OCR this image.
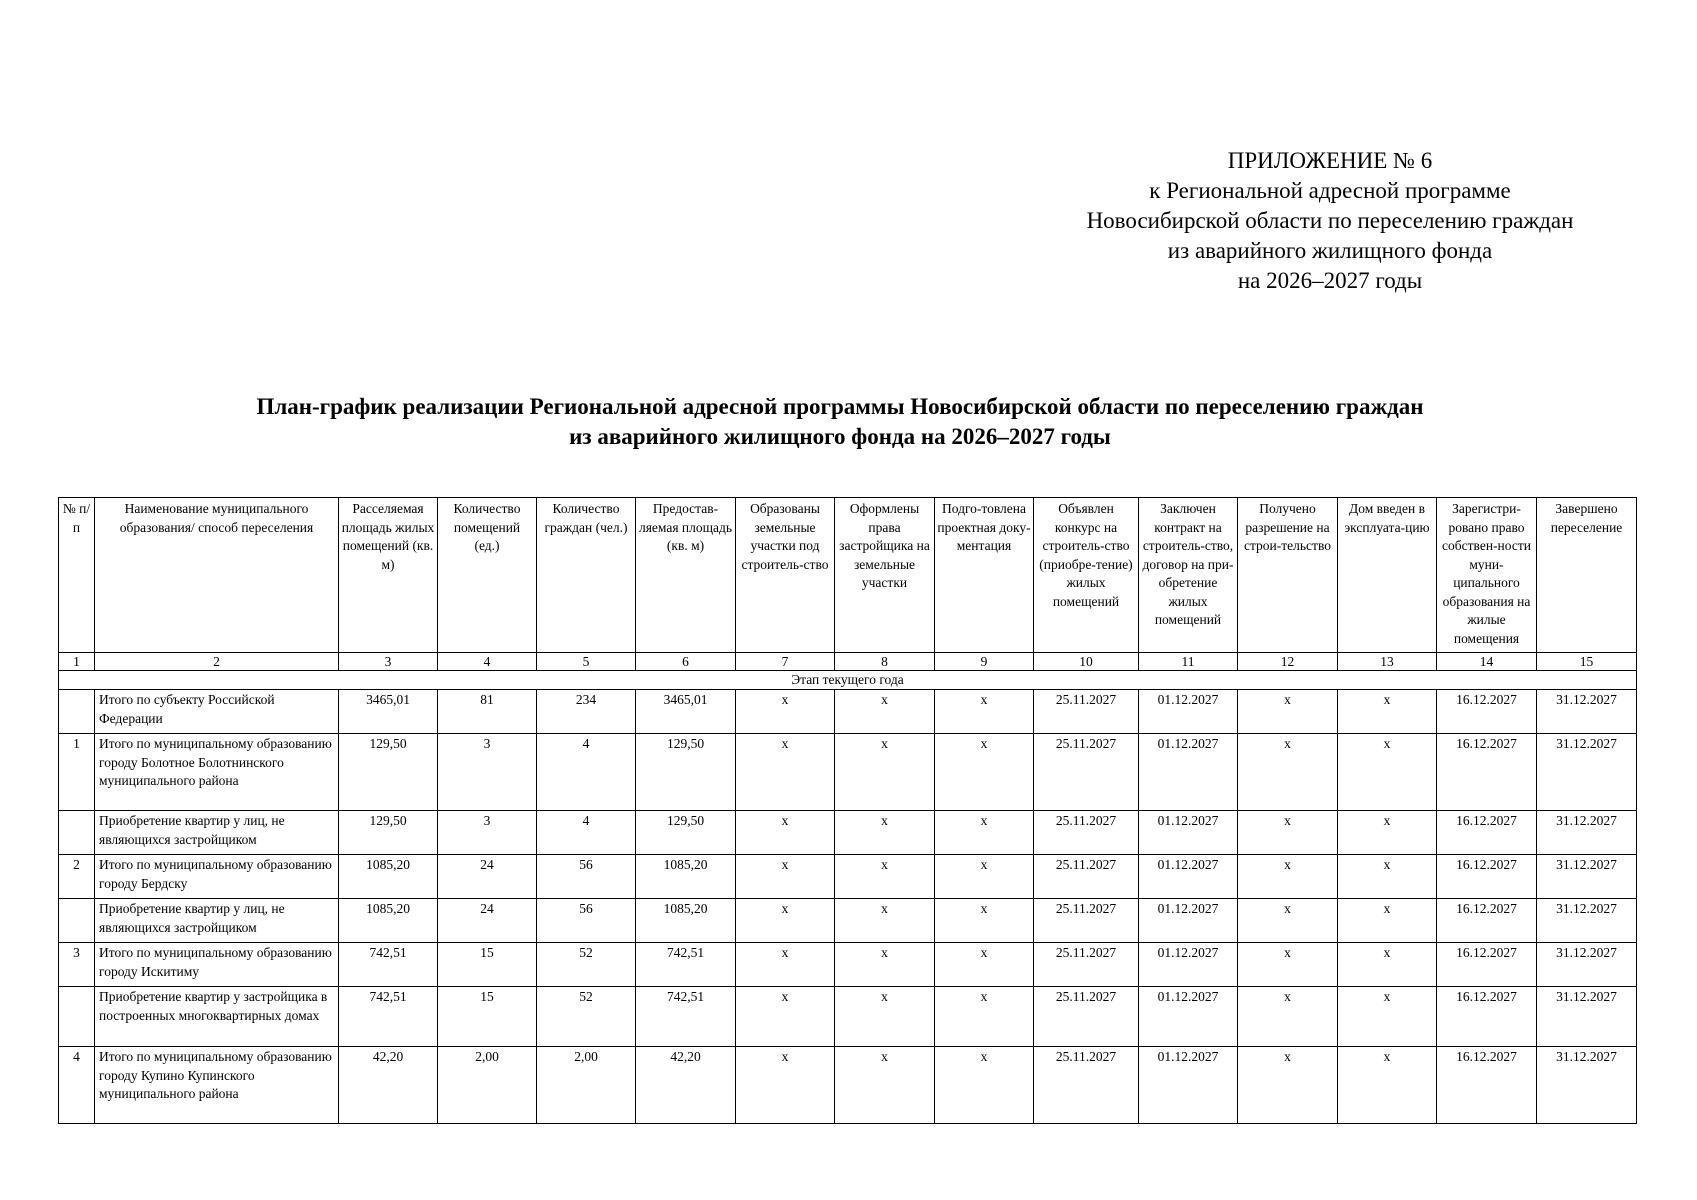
ПРИЛОЖЕНИЕ № 6
к Региональной адресной программе
Новосибирской области по переселению граждан
из аварийного жилищного фонда
на 2026–2027 годы
План-график реализации Региональной адресной программы Новосибирской области по переселению граждан
из аварийного жилищного фонда на 2026–2027 годы
№ п/п	Наименование муниципального образования/ способ переселения	Расселяемая площадь жилых помещений (кв. м)	Количество помещений (ед.)	Количество граждан (чел.)	Предостав-ляемая площадь (кв. м)	Образованы земельные участки под строитель-ство	Оформлены права застройщика на земельные участки	Подго-товлена проектная доку-ментация	Объявлен конкурс на строитель-ство (приобре-тение) жилых помещений	Заключен контракт на строитель-ство, договор на при-обретение жилых помещений	Получено разрешение на строи-тельство	Дом введен в эксплуата-цию	Зарегистри-ровано право собствен-ности муни-ципального образования на жилые помещения	Завершено переселение
1	2	3	4	5	6	7	8	9	10	11	12	13	14	15
Этап текущего года														
	Итого по субъекту Российской Федерации	3465,01	81	234	3465,01	х	х	х	25.11.2027	01.12.2027	х	х	16.12.2027	31.12.2027
1	Итого по муниципальному образованию городу Болотное Болотнинского муниципального района	129,50	3	4	129,50	х	х	х	25.11.2027	01.12.2027	х	х	16.12.2027	31.12.2027
	Приобретение квартир у лиц, не являющихся застройщиком	129,50	3	4	129,50	х	х	х	25.11.2027	01.12.2027	х	х	16.12.2027	31.12.2027
2	Итого по муниципальному образованию городу Бердску	1085,20	24	56	1085,20	х	х	х	25.11.2027	01.12.2027	х	х	16.12.2027	31.12.2027
	Приобретение квартир у лиц, не являющихся застройщиком	1085,20	24	56	1085,20	х	х	х	25.11.2027	01.12.2027	х	х	16.12.2027	31.12.2027
3	Итого по муниципальному образованию городу Искитиму	742,51	15	52	742,51	х	х	х	25.11.2027	01.12.2027	х	х	16.12.2027	31.12.2027
	Приобретение квартир у застройщика в построенных многоквартирных домах	742,51	15	52	742,51	х	х	х	25.11.2027	01.12.2027	х	х	16.12.2027	31.12.2027
4	Итого по муниципальному образованию городу Купино Купинского муниципального района	42,20	2,00	2,00	42,20	х	х	х	25.11.2027	01.12.2027	х	х	16.12.2027	31.12.2027
